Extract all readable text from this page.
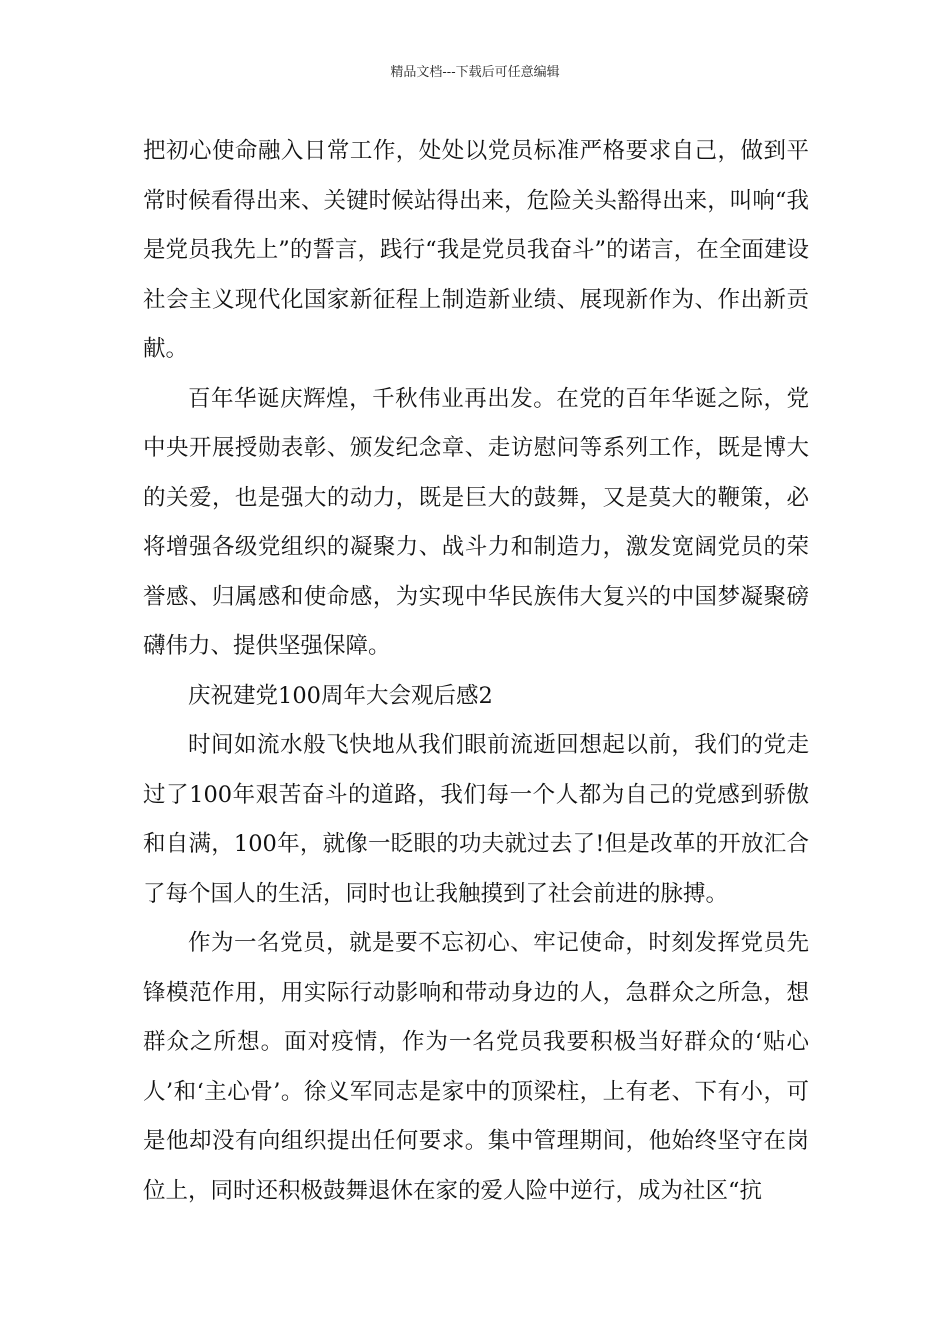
精品文档---下载后可任意编辑

把初心使命融入日常工作，处处以党员标准严格要求自己，做到平常时候看得出来、关键时候站得出来，危险关头豁得出来，叫响“我是党员我先上”的誓言，践行“我是党员我奋斗”的诺言，在全面建设社会主义现代化国家新征程上制造新业绩、展现新作为、作出新贡献。

百年华诞庆辉煌，千秋伟业再出发。在党的百年华诞之际，党中央开展授勋表彰、颁发纪念章、走访慰问等系列工作，既是博大的关爱，也是强大的动力，既是巨大的鼓舞，又是莫大的鞭策，必将增强各级党组织的凝聚力、战斗力和制造力，激发宽阔党员的荣誉感、归属感和使命感，为实现中华民族伟大复兴的中国梦凝聚磅礴伟力、提供坚强保障。

庆祝建党100周年大会观后感2

时间如流水般飞快地从我们眼前流逝回想起以前，我们的党走过了100年艰苦奋斗的道路，我们每一个人都为自己的党感到骄傲和自满，100年，就像一眨眼的功夫就过去了!但是改革的开放汇合了每个国人的生活，同时也让我触摸到了社会前进的脉搏。

作为一名党员，就是要不忘初心、牢记使命，时刻发挥党员先锋模范作用，用实际行动影响和带动身边的人，急群众之所急，想群众之所想。面对疫情，作为一名党员我要积极当好群众的‘贴心人’和‘主心骨’。徐义军同志是家中的顶梁柱，上有老、下有小，可是他却没有向组织提出任何要求。集中管理期间，他始终坚守在岗位上，同时还积极鼓舞退休在家的爱人险中逆行，成为社区“抗
